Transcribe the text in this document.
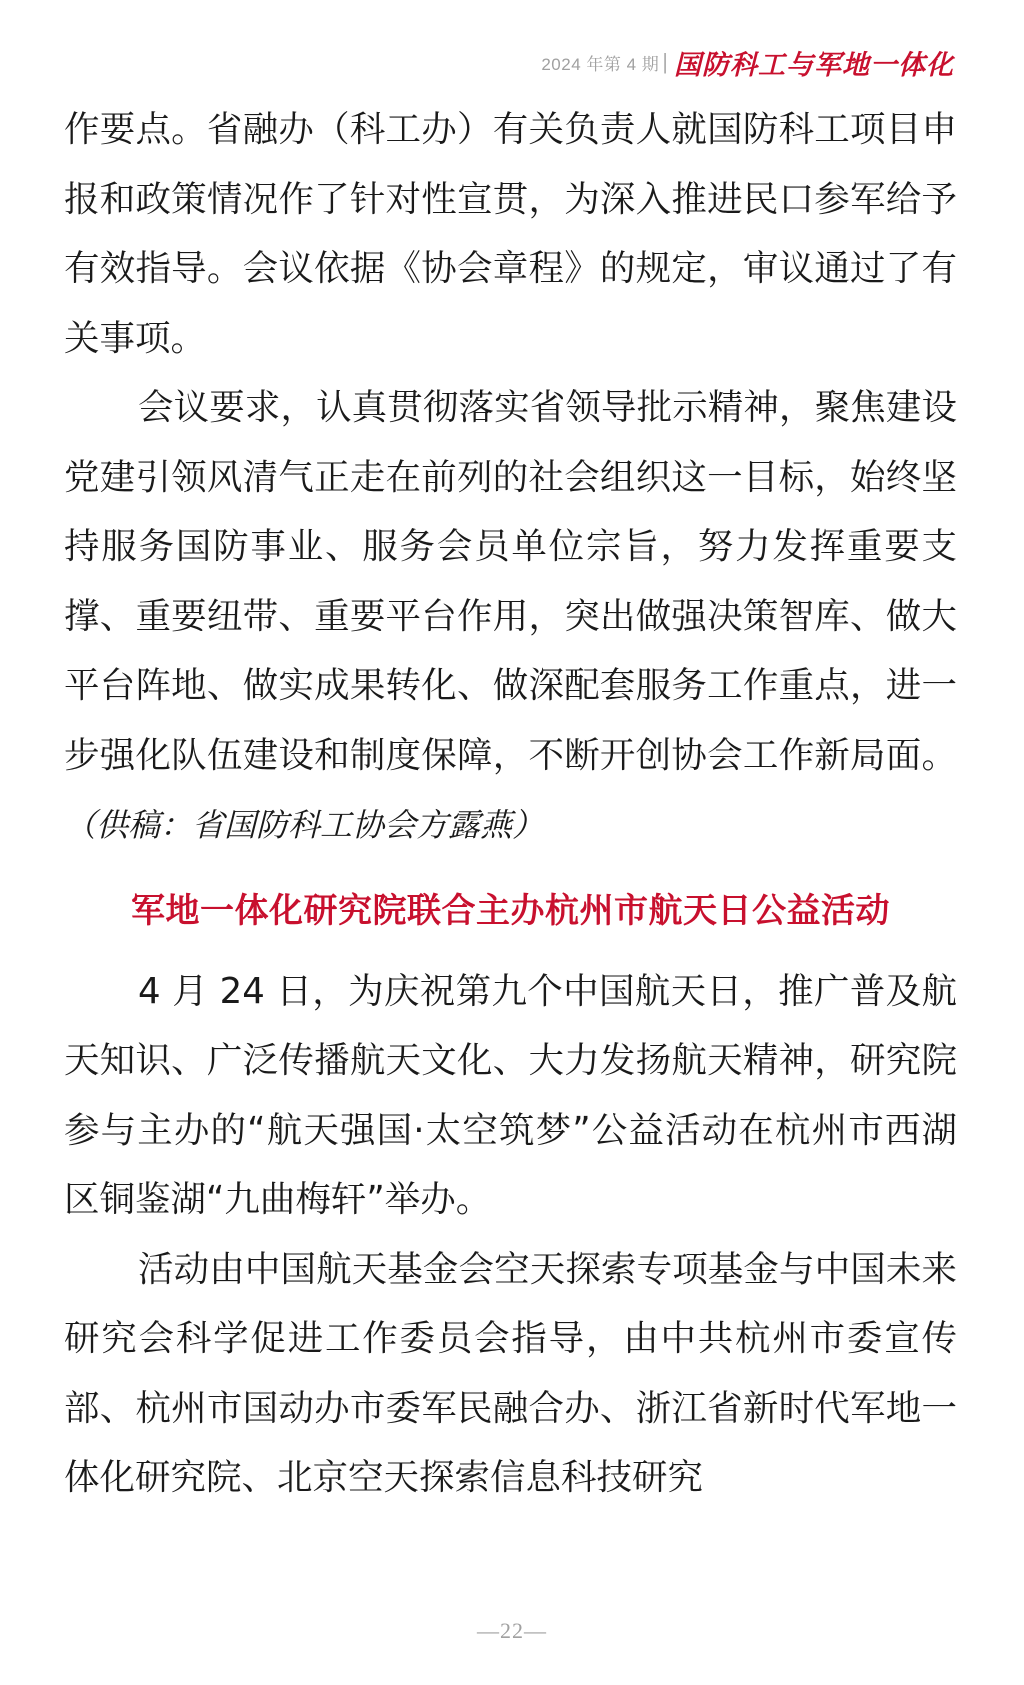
2024 年第 4 期 | 国防科工与军地一体化

作要点。省融办（科工办）有关负责人就国防科工项目申报和政策情况作了针对性宣贯，为深入推进民口参军给予有效指导。会议依据《协会章程》的规定，审议通过了有关事项。

会议要求，认真贯彻落实省领导批示精神，聚焦建设党建引领风清气正走在前列的社会组织这一目标，始终坚持服务国防事业、服务会员单位宗旨，努力发挥重要支撑、重要纽带、重要平台作用，突出做强决策智库、做大平台阵地、做实成果转化、做深配套服务工作重点，进一步强化队伍建设和制度保障，不断开创协会工作新局面。（供稿：省国防科工协会方露燕）

军地一体化研究院联合主办杭州市航天日公益活动

4 月 24 日，为庆祝第九个中国航天日，推广普及航天知识、广泛传播航天文化、大力发扬航天精神，研究院参与主办的“航天强国·太空筑梦”公益活动在杭州市西湖区铜鉴湖“九曲梅轩”举办。

活动由中国航天基金会空天探索专项基金与中国未来研究会科学促进工作委员会指导，由中共杭州市委宣传部、杭州市国动办市委军民融合办、浙江省新时代军地一体化研究院、北京空天探索信息科技研究

—22—
